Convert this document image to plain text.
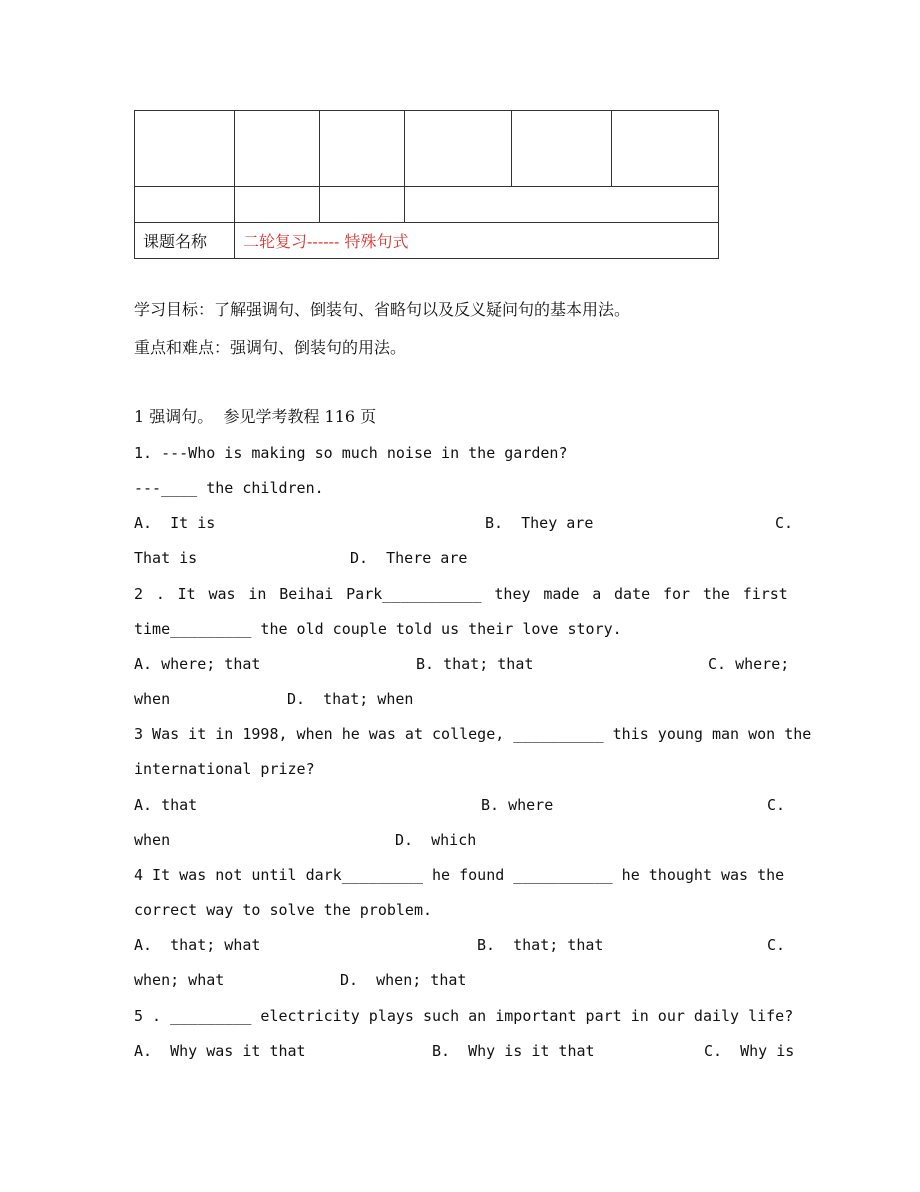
课题名称	二轮复习------ 特殊句式				
学习目标：了解强调句、倒装句、省略句以及反义疑问句的基本用法。
重点和难点：强调句、倒装句的用法。
1 强调句。  参见学考教程 116 页
1. ---Who is making so much noise in the garden?
---____ the children.
A.  It is	B.  They are	C.
That is	D.  There are
2 . It was in Beihai Park___________ they made a date for the first
time_________ the old couple told us their love story.
A. where; that	B. that; that	C. where;
when	D.  that; when
3 Was it in 1998, when he was at college, __________ this young man won the
international prize?
A. that	B. where	C.
when	D.  which
4 It was not until dark_________ he found ___________ he thought was the
correct way to solve the problem.
A.  that; what	B.  that; that	C.
when; what	D.  when; that
5 . _________ electricity plays such an important part in our daily life?
A.  Why was it that	B.  Why is it that	C.  Why is
